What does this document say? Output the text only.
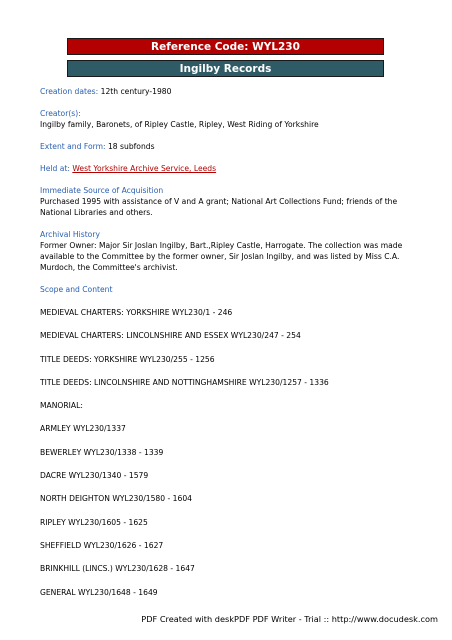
Reference Code: WYL230
Ingilby Records

Creation dates: 12th century-1980

Creator(s):

Ingilby family, Baronets, of Ripley Castle, Ripley, West Riding of Yorkshire

Extent and Form: 18 subfonds

Held at: West Yorkshire Archive Service, Leeds

Immediate Source of Acquisition

Purchased 1995 with assistance of V and A grant; National Art Collections Fund; friends of the National Libraries and others.

Archival History

Former Owner: Major Sir Joslan Ingilby, Bart.,Ripley Castle, Harrogate. The collection was made available to the Committee by the former owner, Sir Joslan Ingilby, and was listed by Miss C.A. Murdoch, the Committee's archivist.

Scope and Content

MEDIEVAL CHARTERS: YORKSHIRE WYL230/1 - 246

MEDIEVAL CHARTERS: LINCOLNSHIRE AND ESSEX WYL230/247 - 254

TITLE DEEDS: YORKSHIRE WYL230/255 - 1256

TITLE DEEDS: LINCOLNSHIRE AND NOTTINGHAMSHIRE WYL230/1257 - 1336

MANORIAL:

ARMLEY WYL230/1337

BEWERLEY WYL230/1338 - 1339

DACRE WYL230/1340 - 1579

NORTH DEIGHTON WYL230/1580 - 1604

RIPLEY WYL230/1605 - 1625

SHEFFIELD WYL230/1626 - 1627

BRINKHILL (LINCS.) WYL230/1628 - 1647

GENERAL WYL230/1648 - 1649

PDF Created with deskPDF PDF Writer - Trial :: http://www.docudesk.com
